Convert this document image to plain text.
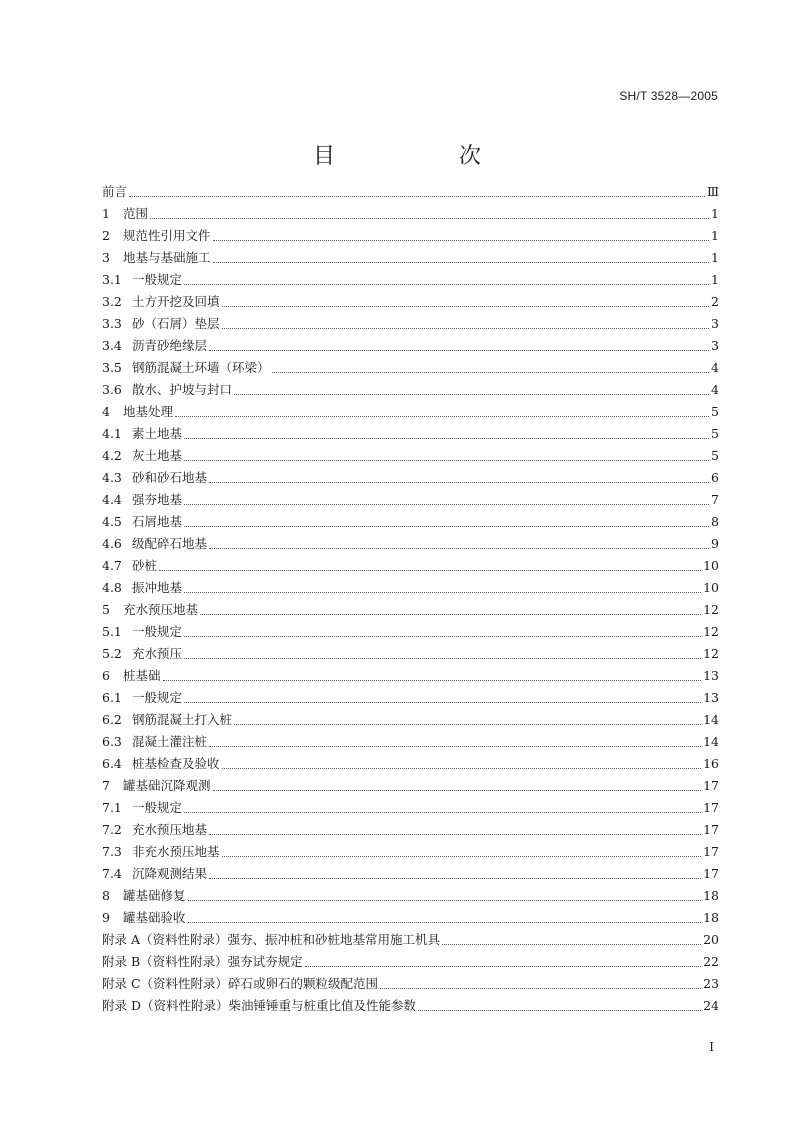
SH/T 3528—2005
目	次
前言	Ⅲ
1	范围	1
2	规范性引用文件	1
3	地基与基础施工	1
3.1 一般规定	1
3.2 土方开挖及回填	2
3.3 砂（石屑）垫层	3
3.4 沥青砂绝缘层	3
3.5 钢筋混凝土环墙（环梁）	4
3.6 散水、护坡与封口	4
4	地基处理	5
4.1 素土地基	5
4.2 灰土地基	5
4.3 砂和砂石地基	6
4.4 强夯地基	7
4.5 石屑地基	8
4.6 级配碎石地基	9
4.7 砂桩	10
4.8 振冲地基	10
5	充水预压地基	12
5.1 一般规定	12
5.2 充水预压	12
6	桩基础	13
6.1 一般规定	13
6.2 钢筋混凝土打入桩	14
6.3 混凝土灌注桩	14
6.4 桩基检查及验收	16
7	罐基础沉降观测	17
7.1 一般规定	17
7.2 充水预压地基	17
7.3 非充水预压地基	17
7.4 沉降观测结果	17
8	罐基础修复	18
9	罐基础验收	18
附录 A（资料性附录）强夯、振冲桩和砂桩地基常用施工机具	20
附录 B（资料性附录）强夯试夯规定	22
附录 C（资料性附录）碎石或卵石的颗粒级配范围	23
附录 D（资料性附录）柴油锤锤重与桩重比值及性能参数	24
Ⅰ
